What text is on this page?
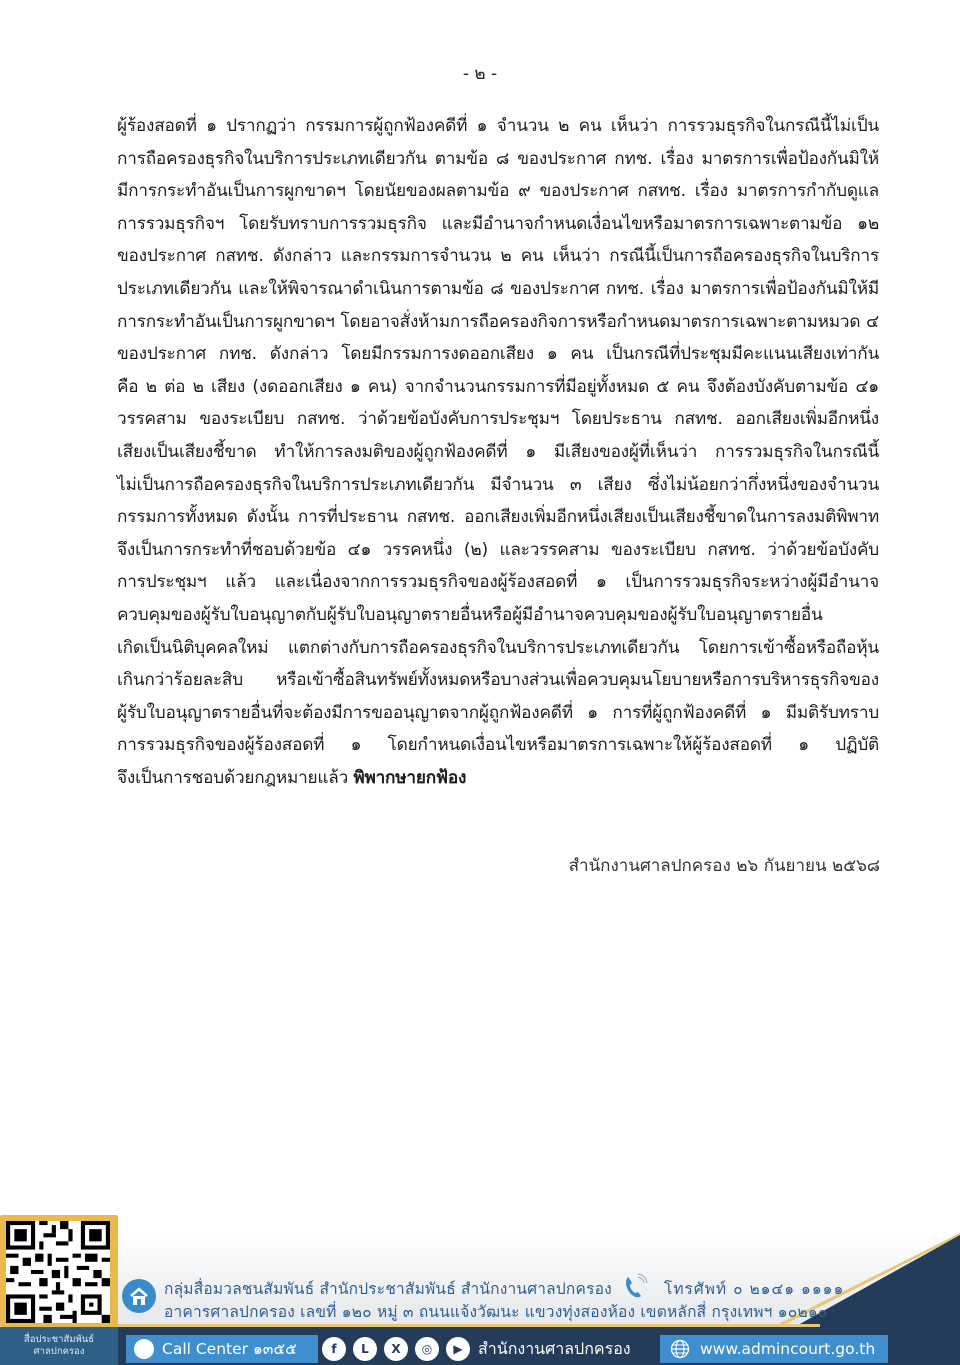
- ๒ -
ผู้ร้องสอดที่ ๑ ปรากฏว่า กรรมการผู้ถูกฟ้องคดีที่ ๑ จำนวน ๒ คน เห็นว่า การรวมธุรกิจในกรณีนี้ไม่เป็น
การถือครองธุรกิจในบริการประเภทเดียวกัน ตามข้อ ๘ ของประกาศ กทช. เรื่อง มาตรการเพื่อป้องกันมิให้
มีการกระทำอันเป็นการผูกขาดฯ โดยนัยของผลตามข้อ ๙ ของประกาศ กสทช. เรื่อง มาตรการกำกับดูแล
การรวมธุรกิจฯ โดยรับทราบการรวมธุรกิจ และมีอำนาจกำหนดเงื่อนไขหรือมาตรการเฉพาะตามข้อ ๑๒
ของประกาศ กสทช. ดังกล่าว และกรรมการจำนวน ๒ คน เห็นว่า กรณีนี้เป็นการถือครองธุรกิจในบริการ
ประเภทเดียวกัน และให้พิจารณาดำเนินการตามข้อ ๘ ของประกาศ กทช. เรื่อง มาตรการเพื่อป้องกันมิให้มี
การกระทำอันเป็นการผูกขาดฯ โดยอาจสั่งห้ามการถือครองกิจการหรือกำหนดมาตรการเฉพาะตามหมวด ๔
ของประกาศ กทช. ดังกล่าว โดยมีกรรมการงดออกเสียง ๑ คน เป็นกรณีที่ประชุมมีคะแนนเสียงเท่ากัน
คือ ๒ ต่อ ๒ เสียง (งดออกเสียง ๑ คน) จากจำนวนกรรมการที่มีอยู่ทั้งหมด ๕ คน จึงต้องบังคับตามข้อ ๔๑
วรรคสาม ของระเบียบ กสทช. ว่าด้วยข้อบังคับการประชุมฯ โดยประธาน กสทช. ออกเสียงเพิ่มอีกหนึ่ง
เสียงเป็นเสียงชี้ขาด ทำให้การลงมติของผู้ถูกฟ้องคดีที่ ๑ มีเสียงของผู้ที่เห็นว่า การรวมธุรกิจในกรณีนี้
ไม่เป็นการถือครองธุรกิจในบริการประเภทเดียวกัน มีจำนวน ๓ เสียง ซึ่งไม่น้อยกว่ากึ่งหนึ่งของจำนวน
กรรมการทั้งหมด ดังนั้น การที่ประธาน กสทช. ออกเสียงเพิ่มอีกหนึ่งเสียงเป็นเสียงชี้ขาดในการลงมติพิพาท
จึงเป็นการกระทำที่ชอบด้วยข้อ ๔๑ วรรคหนึ่ง (๒) และวรรคสาม ของระเบียบ กสทช. ว่าด้วยข้อบังคับ
การประชุมฯ แล้ว และเนื่องจากการรวมธุรกิจของผู้ร้องสอดที่ ๑ เป็นการรวมธุรกิจระหว่างผู้มีอำนาจ
ควบคุมของผู้รับใบอนุญาตกับผู้รับใบอนุญาตรายอื่นหรือผู้มีอำนาจควบคุมของผู้รับใบอนุญาตรายอื่น
เกิดเป็นนิติบุคคลใหม่ แตกต่างกับการถือครองธุรกิจในบริการประเภทเดียวกัน โดยการเข้าซื้อหรือถือหุ้น
เกินกว่าร้อยละสิบ หรือเข้าซื้อสินทรัพย์ทั้งหมดหรือบางส่วนเพื่อควบคุมนโยบายหรือการบริหารธุรกิจของ
ผู้รับใบอนุญาตรายอื่นที่จะต้องมีการขออนุญาตจากผู้ถูกฟ้องคดีที่ ๑ การที่ผู้ถูกฟ้องคดีที่ ๑ มีมติรับทราบ
การรวมธุรกิจของผู้ร้องสอดที่ ๑ โดยกำหนดเงื่อนไขหรือมาตรการเฉพาะให้ผู้ร้องสอดที่ ๑ ปฏิบัติ
จึงเป็นการชอบด้วยกฎหมายแล้ว พิพากษายกฟ้อง
สำนักงานศาลปกครอง ๒๖ กันยายน ๒๕๖๘
สื่อประชาสัมพันธ์
ศาลปกครอง
กลุ่มสื่อมวลชนสัมพันธ์ สำนักประชาสัมพันธ์ สำนักงานศาลปกครอง
อาคารศาลปกครอง เลขที่ ๑๒๐ หมู่ ๓ ถนนแจ้งวัฒนะ แขวงทุ่งสองห้อง เขตหลักสี่ กรุงเทพฯ ๑๐๒๑๐
โทรศัพท์ ๐ ๒๑๔๑ ๑๑๑๑
Call Center ๑๓๕๕	f	L	X	◎	▶ สำนักงานศาลปกครอง	www.admincourt.go.th
